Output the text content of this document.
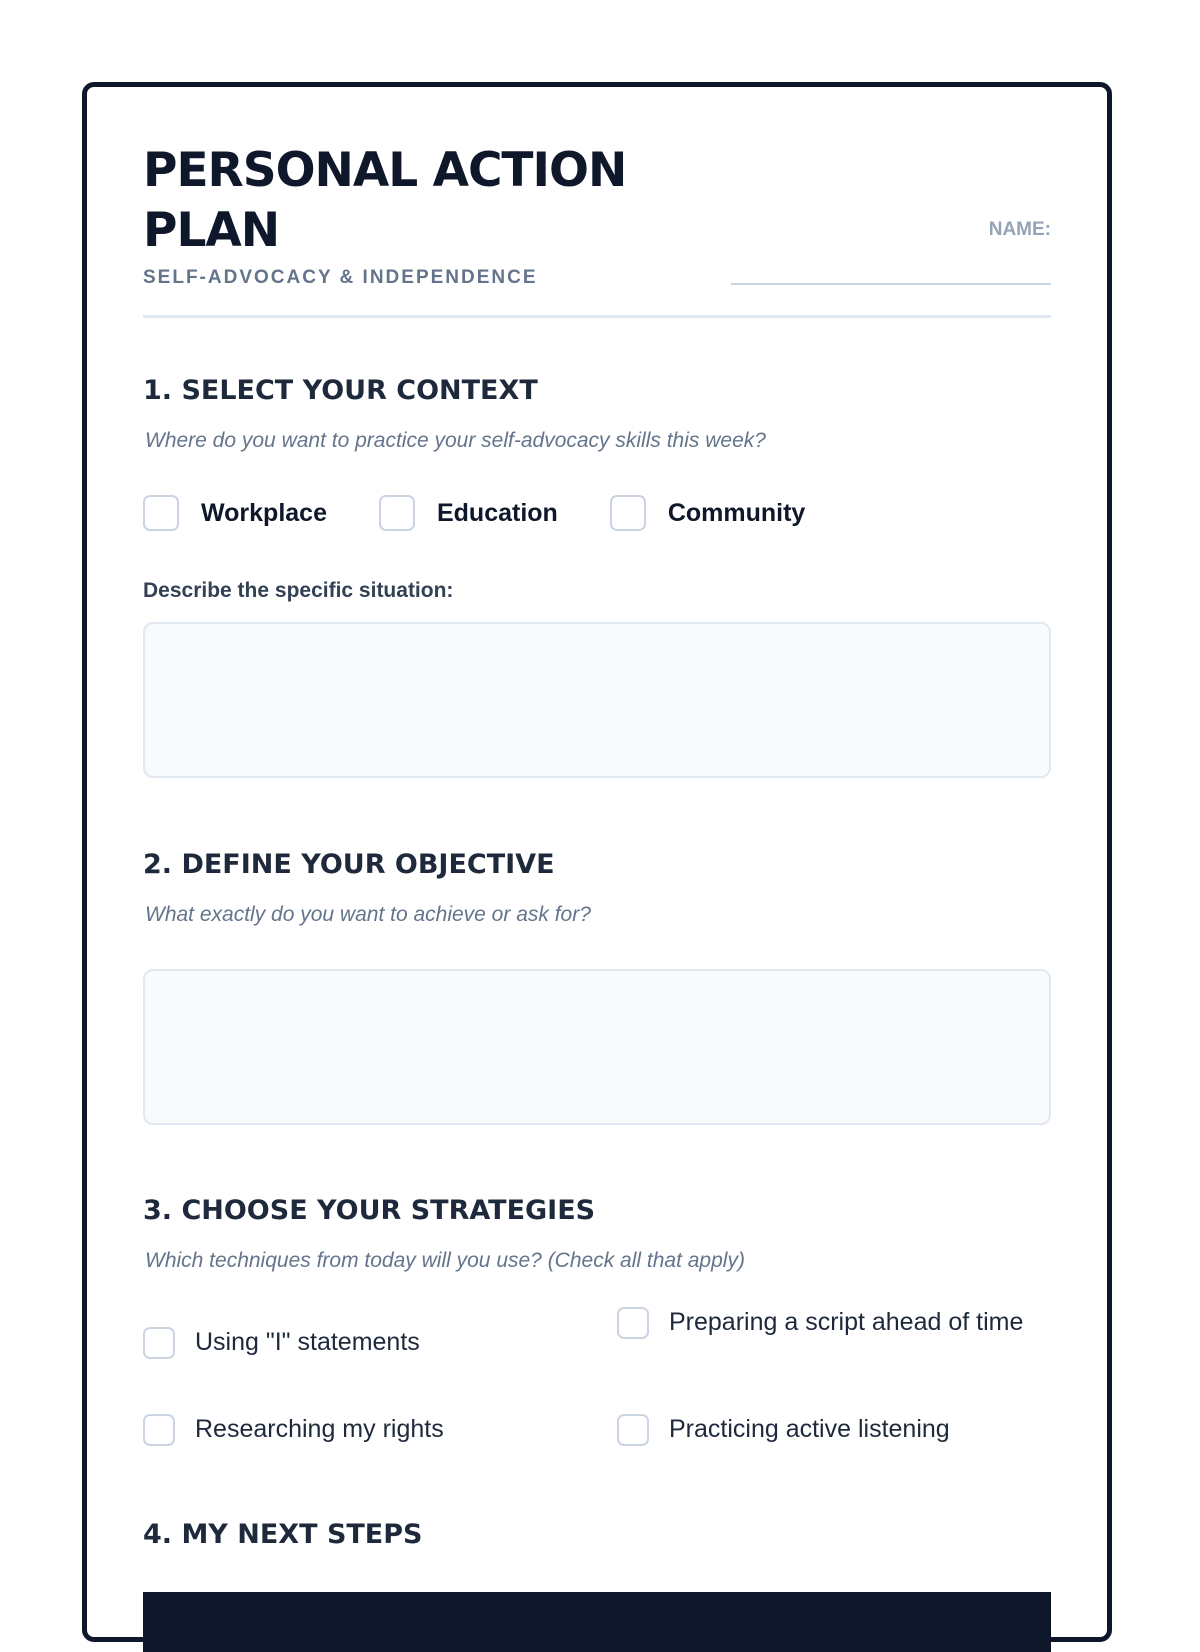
PERSONAL ACTION PLAN
SELF-ADVOCACY & INDEPENDENCE
NAME:
1. SELECT YOUR CONTEXT
Where do you want to practice your self-advocacy skills this week?
Workplace	Education	Community
Describe the specific situation:
2. DEFINE YOUR OBJECTIVE
What exactly do you want to achieve or ask for?
3. CHOOSE YOUR STRATEGIES
Which techniques from today will you use? (Check all that apply)
Using "I" statements
Preparing a script ahead of time
Researching my rights	Practicing active listening
4. MY NEXT STEPS
